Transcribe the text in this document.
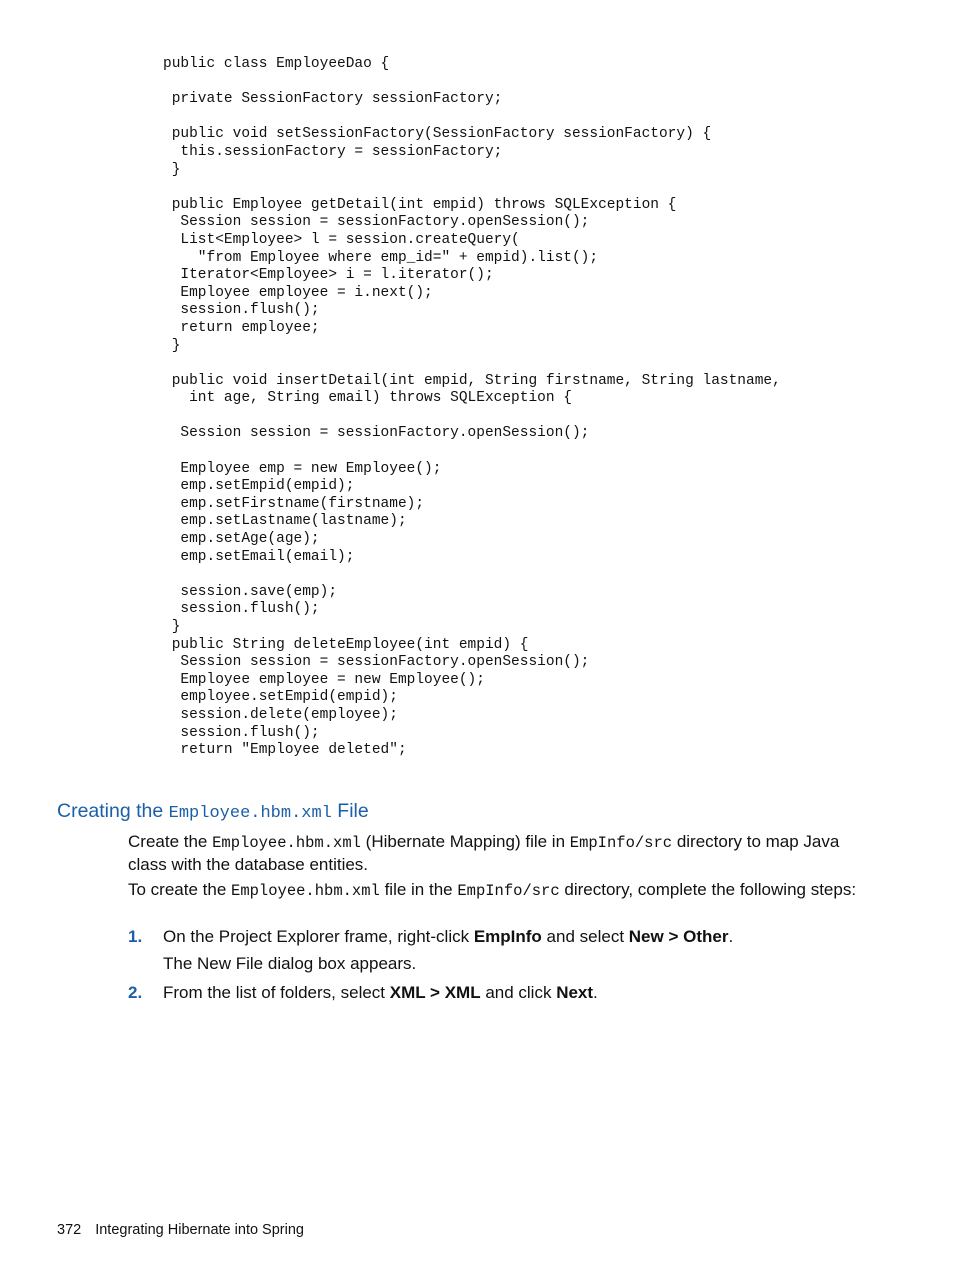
public class EmployeeDao {
private SessionFactory sessionFactory;
public void setSessionFactory(SessionFactory sessionFactory) {
this.sessionFactory = sessionFactory;
}
public Employee getDetail(int empid) throws SQLException {
Session session = sessionFactory.openSession();
List<Employee> l = session.createQuery(
"from Employee where emp_id=" + empid).list();
Iterator<Employee> i = l.iterator();
Employee employee = i.next();
session.flush();
return employee;
}
public void insertDetail(int empid, String firstname, String lastname,
int age, String email) throws SQLException {
Session session = sessionFactory.openSession();
Employee emp = new Employee();
emp.setEmpid(empid);
emp.setFirstname(firstname);
emp.setLastname(lastname);
emp.setAge(age);
emp.setEmail(email);
session.save(emp);
session.flush();
}
public String deleteEmployee(int empid) {
Session session = sessionFactory.openSession();
Employee employee = new Employee();
employee.setEmpid(empid);
session.delete(employee);
session.flush();
return "Employee deleted";
Creating the Employee.hbm.xml File
Create the Employee.hbm.xml (Hibernate Mapping) file in EmpInfo/src directory to map Java class with the database entities.
To create the Employee.hbm.xml file in the EmpInfo/src directory, complete the following steps:
1. On the Project Explorer frame, right-click EmpInfo and select New > Other.
The New File dialog box appears.
2. From the list of folders, select XML > XML and click Next.
372 Integrating Hibernate into Spring
